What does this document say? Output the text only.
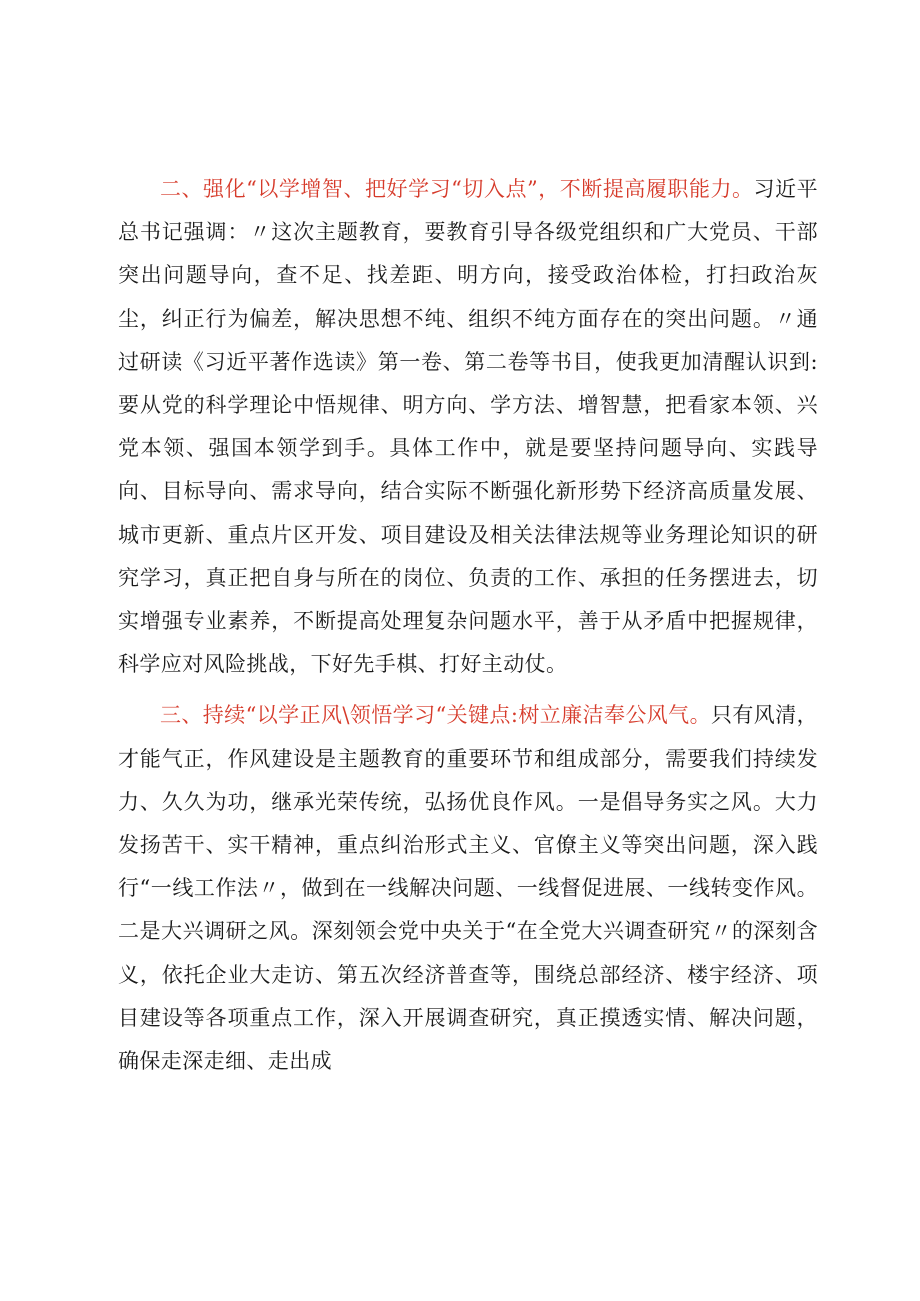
二、强化“以学增智、把好学习“切入点”，不断提高履职能力。习近平总书记强调：〃这次主题教育，要教育引导各级党组织和广大党员、干部突出问题导向，查不足、找差距、明方向，接受政治体检，打扫政治灰尘，纠正行为偏差，解决思想不纯、组织不纯方面存在的突出问题。〃通过研读《习近平著作选读》第一卷、第二卷等书目，使我更加清醒认识到:要从党的科学理论中悟规律、明方向、学方法、增智慧，把看家本领、兴党本领、强国本领学到手。具体工作中，就是要坚持问题导向、实践导向、目标导向、需求导向，结合实际不断强化新形势下经济高质量发展、城市更新、重点片区开发、项目建设及相关法律法规等业务理论知识的研究学习，真正把自身与所在的岗位、负责的工作、承担的任务摆进去，切实增强专业素养，不断提高处理复杂问题水平，善于从矛盾中把握规律，科学应对风险挑战，下好先手棋、打好主动仗。

三、持续“以学正风\领悟学习“关键点:树立廉洁奉公风气。只有风清，才能气正，作风建设是主题教育的重要环节和组成部分，需要我们持续发力、久久为功，继承光荣传统，弘扬优良作风。一是倡导务实之风。大力发扬苦干、实干精神，重点纠治形式主义、官僚主义等突出问题，深入践行“一线工作法〃，做到在一线解决问题、一线督促进展、一线转变作风。二是大兴调研之风。深刻领会党中央关于“在全党大兴调查研究〃的深刻含义，依托企业大走访、第五次经济普查等，围绕总部经济、楼宇经济、项目建设等各项重点工作，深入开展调查研究，真正摸透实情、解决问题，确保走深走细、走出成
